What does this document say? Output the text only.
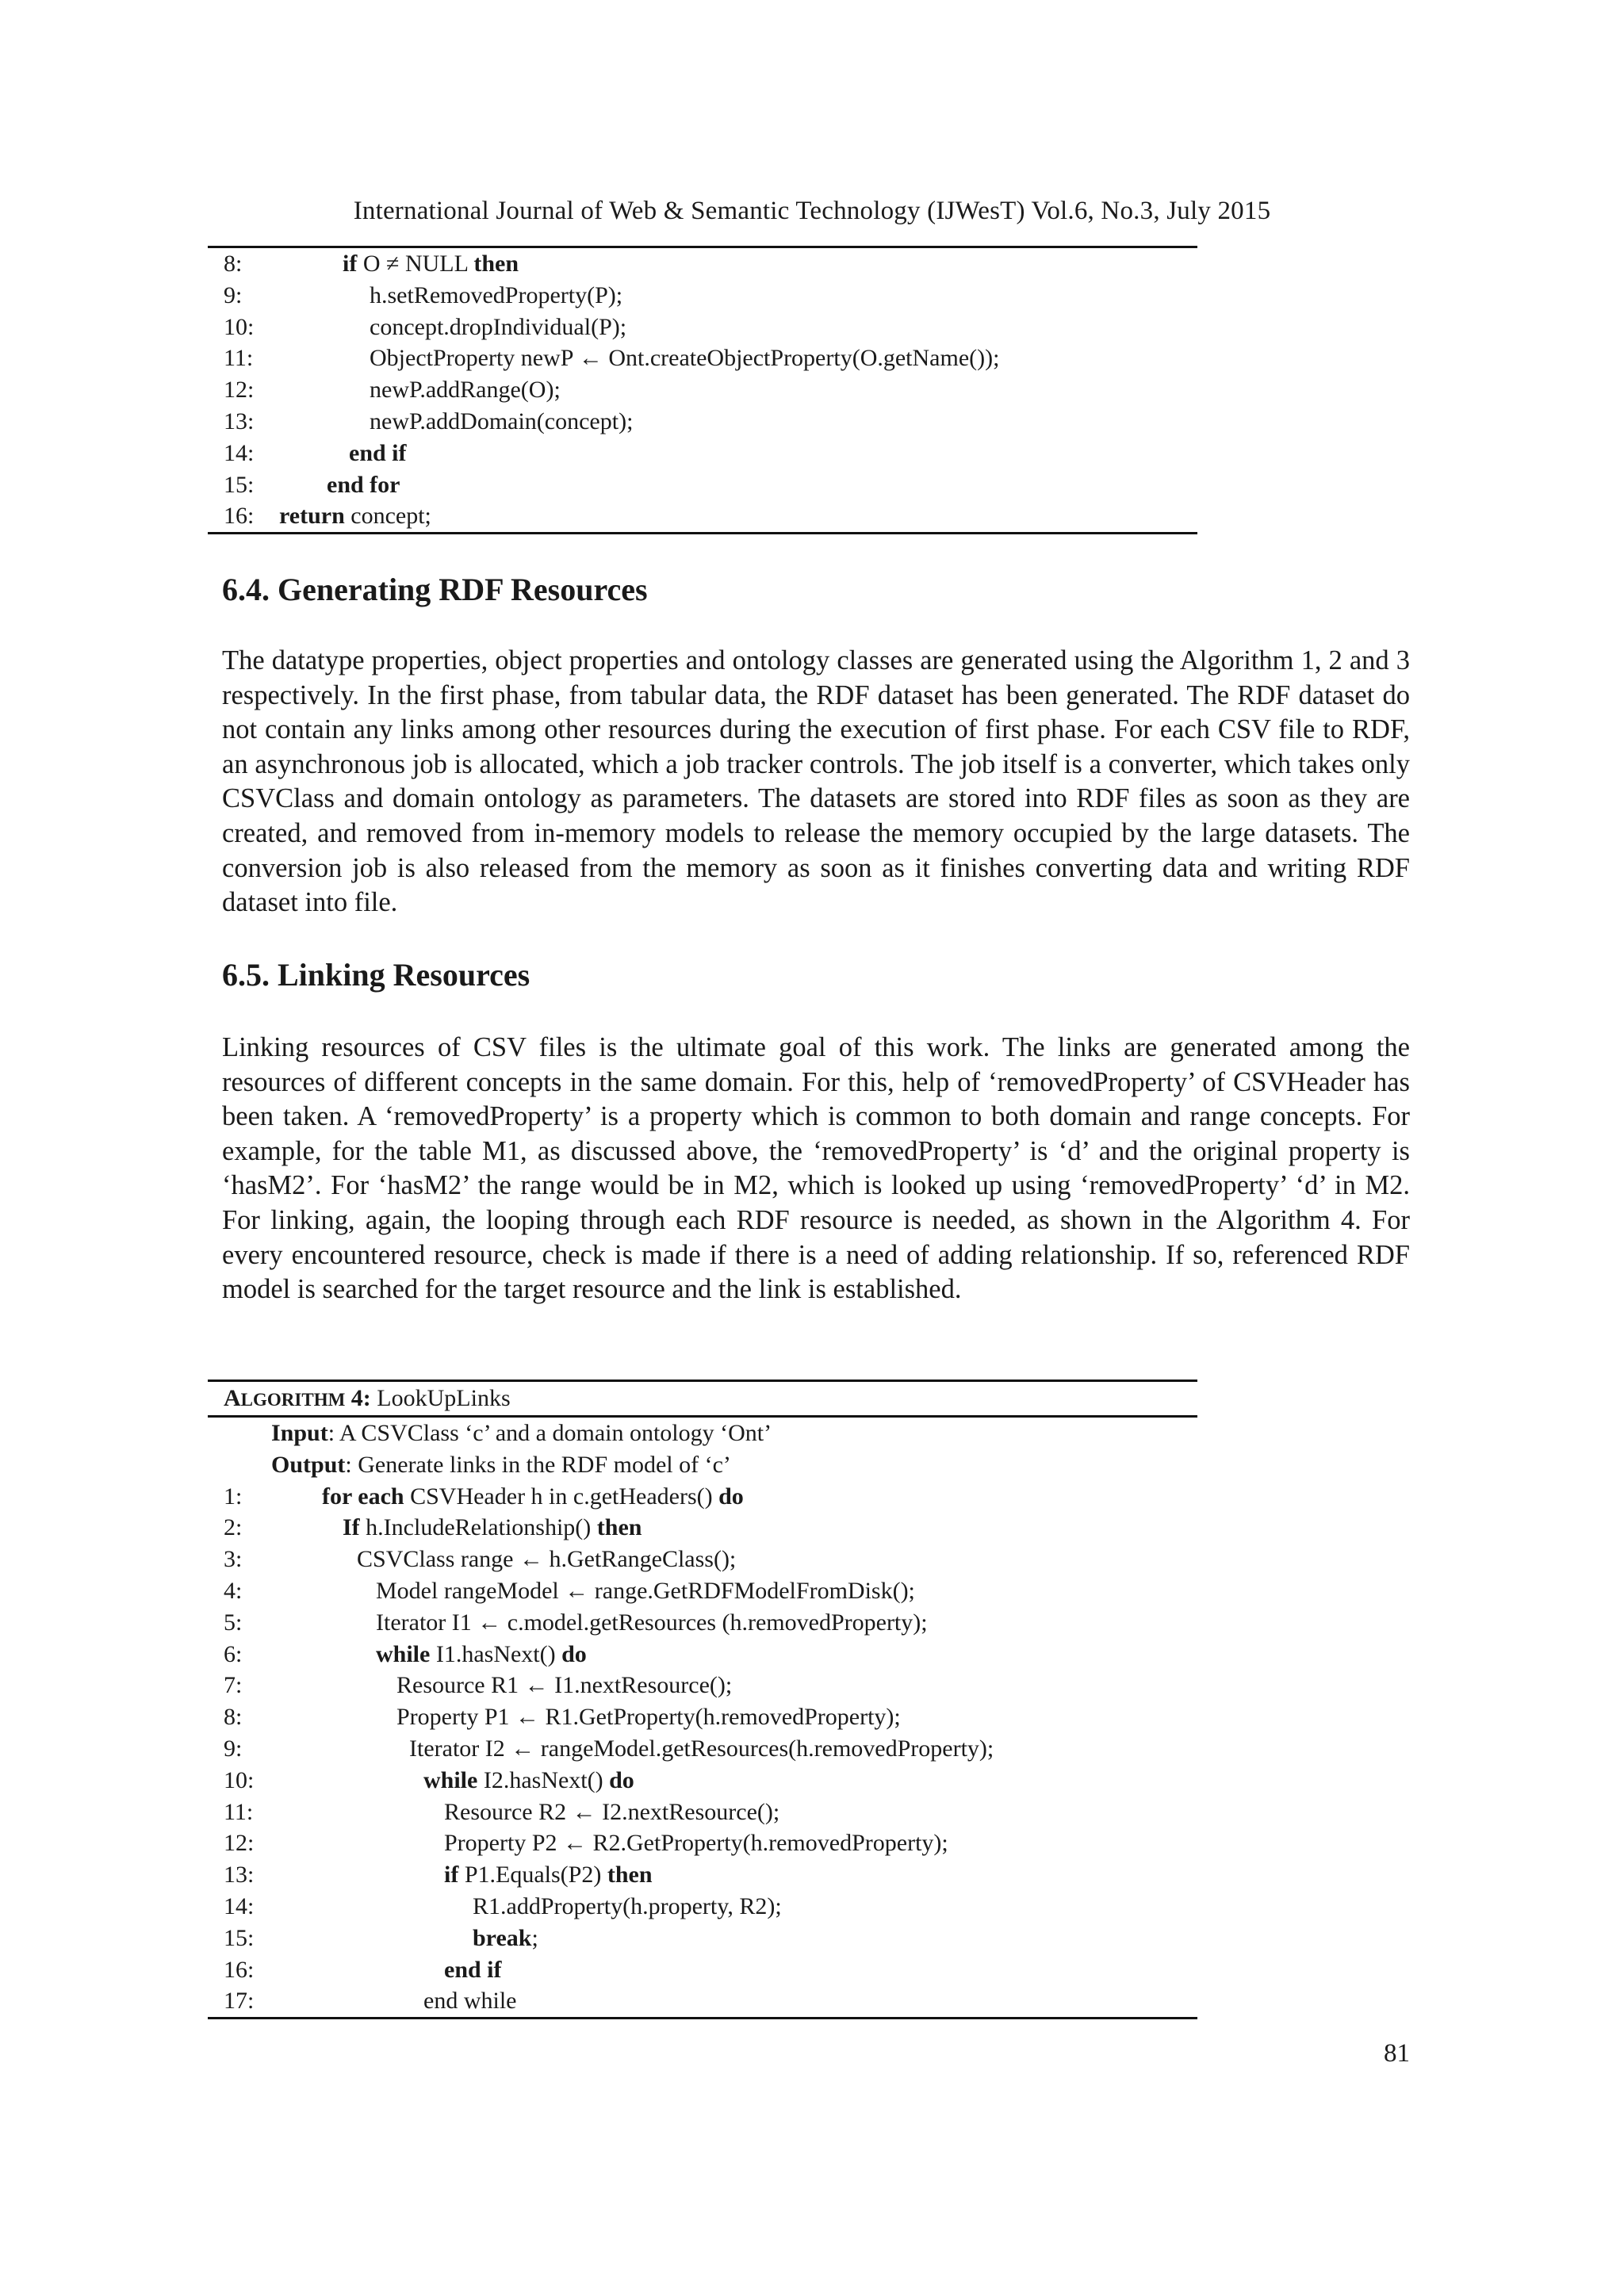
International Journal of Web & Semantic Technology (IJWesT) Vol.6, No.3, July 2015
8:	if O ≠ NULL then
9:	h.setRemovedProperty(P);
10:	concept.dropIndividual(P);
11:	ObjectProperty newP ← Ont.createObjectProperty(O.getName());
12:	newP.addRange(O);
13:	newP.addDomain(concept);
14:	end if
15:	end for
16: return concept;
6.4. Generating RDF Resources

The datatype properties, object properties and ontology classes are generated using the Algorithm 1, 2 and 3 respectively. In the first phase, from tabular data, the RDF dataset has been generated. The RDF dataset do not contain any links among other resources during the execution of first phase. For each CSV file to RDF, an asynchronous job is allocated, which a job tracker controls. The job itself is a converter, which takes only CSVClass and domain ontology as parameters. The datasets are stored into RDF files as soon as they are created, and removed from in-memory models to release the memory occupied by the large datasets. The conversion job is also released from the memory as soon as it finishes converting data and writing RDF dataset into file.

6.5. Linking Resources

Linking resources of CSV files is the ultimate goal of this work. The links are generated among the resources of different concepts in the same domain. For this, help of ‘removedProperty’ of CSVHeader has been taken. A ‘removedProperty’ is a property which is common to both domain and range concepts. For example, for the table M1, as discussed above, the ‘removedProperty’ is ‘d’ and the original property is ‘hasM2’. For ‘hasM2’ the range would be in M2, which is looked up using ‘removedProperty’ ‘d’ in M2. For linking, again, the looping through each RDF resource is needed, as shown in the Algorithm 4. For every encountered resource, check is made if there is a need of adding relationship. If so, referenced RDF model is searched for the target resource and the link is established.

ALGORITHM 4: LookUpLinks
Input: A CSVClass ‘c’ and a domain ontology ‘Ont’
Output: Generate links in the RDF model of ‘c’
1:	for each CSVHeader h in c.getHeaders() do
2:	If h.IncludeRelationship() then
3:	CSVClass range ← h.GetRangeClass();
4:	Model rangeModel ← range.GetRDFModelFromDisk();
5:	Iterator I1 ← c.model.getResources (h.removedProperty);
6:	while I1.hasNext() do
7:	Resource R1 ← I1.nextResource();
8:	Property P1 ← R1.GetProperty(h.removedProperty);
9:	Iterator I2 ← rangeModel.getResources(h.removedProperty);
10:	while I2.hasNext() do
11:	Resource R2 ← I2.nextResource();
12:	Property P2 ← R2.GetProperty(h.removedProperty);
13:	if P1.Equals(P2) then
14:	R1.addProperty(h.property, R2);
15:	break;
16:	end if
17:	end while
81
